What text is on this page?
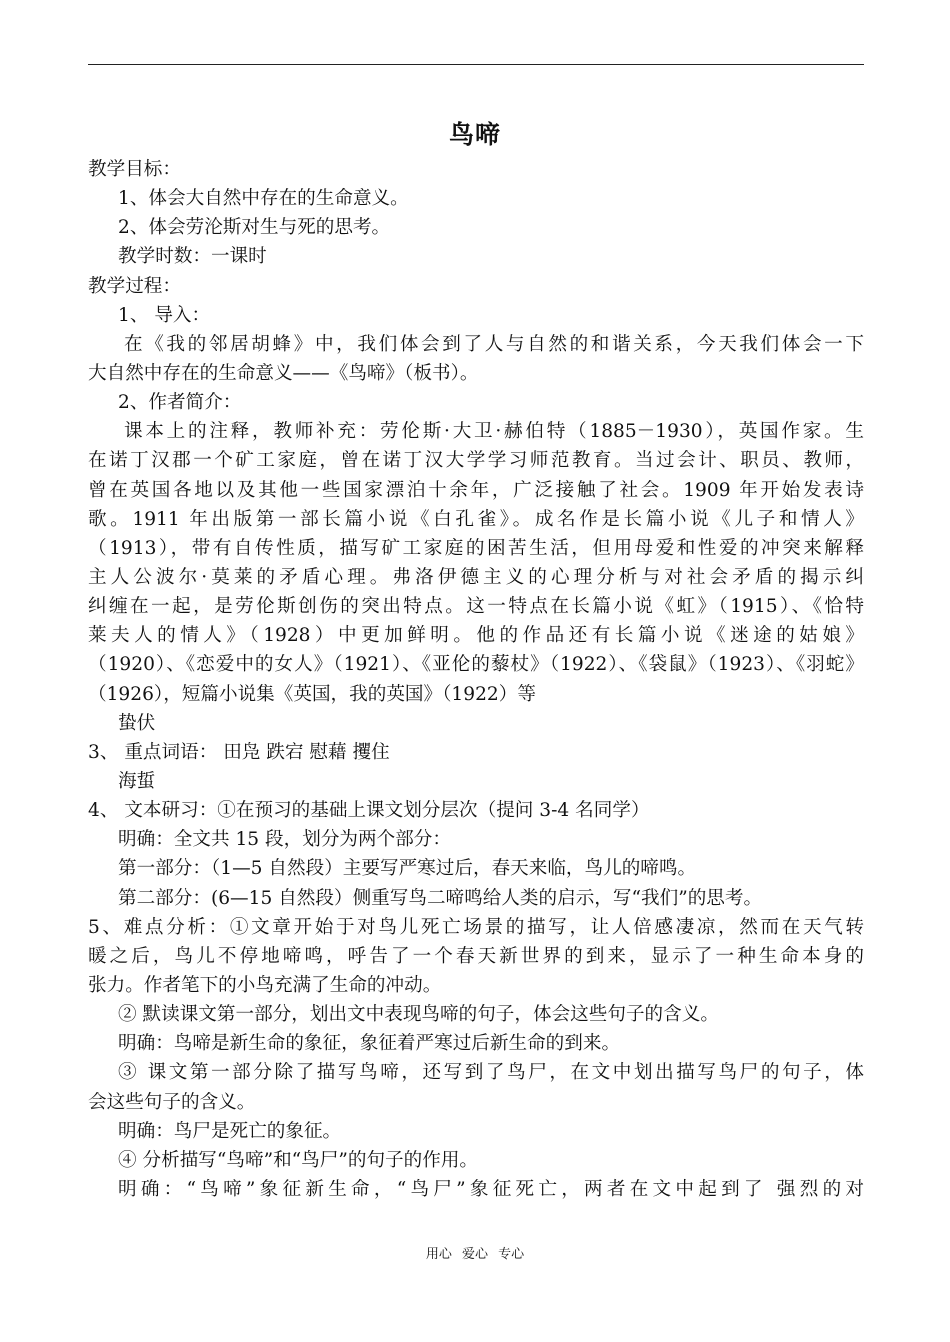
鸟啼
教学目标：
1、体会大自然中存在的生命意义。
2、体会劳沦斯对生与死的思考。
教学时数：一课时
教学过程：
1、 导入：
在《我的邻居胡蜂》中，我们体会到了人与自然的和谐关系，今天我们体会一下
大自然中存在的生命意义——《鸟啼》（板书）。
2、作者简介：
课本上的注释，教师补充：劳伦斯·大卫·赫伯特（1885－1930），英国作家。生
在诺丁汉郡一个矿工家庭，曾在诺丁汉大学学习师范教育。当过会计、职员、教师，
曾在英国各地以及其他一些国家漂泊十余年，广泛接触了社会。1909 年开始发表诗
歌。1911 年出版第一部长篇小说《白孔雀》。成名作是长篇小说《儿子和情人》
（1913），带有自传性质，描写矿工家庭的困苦生活，但用母爱和性爱的冲突来解释
主人公波尔·莫莱的矛盾心理。弗洛伊德主义的心理分析与对社会矛盾的揭示纠
纠缠在一起，是劳伦斯创伤的突出特点。这一特点在长篇小说《虹》（1915）、《恰特
莱夫人的情人》（1928）中更加鲜明。他的作品还有长篇小说《迷途的姑娘》
（1920）、《恋爱中的女人》（1921）、《亚伦的藜杖》（1922）、《袋鼠》（1923）、《羽蛇》
（1926），短篇小说集《英国，我的英国》（1922）等
蛰伏
3、 重点词语： 田凫 跌宕 慰藉 攫住
海蜇
4、 文本研习：①在预习的基础上课文划分层次（提问 3-4 名同学）
明确：全文共 15 段，划分为两个部分：
第一部分：（1—5 自然段）主要写严寒过后，春天来临，鸟儿的啼鸣。
第二部分：(6—15 自然段）侧重写鸟二啼鸣给人类的启示，写“我们”的思考。
5、难点分析：①文章开始于对鸟儿死亡场景的描写，让人倍感凄凉，然而在天气转
暖之后，鸟儿不停地啼鸣，呼告了一个春天新世界的到来，显示了一种生命本身的
张力。作者笔下的小鸟充满了生命的冲动。
② 默读课文第一部分，划出文中表现鸟啼的句子，体会这些句子的含义。
明确：鸟啼是新生命的象征，象征着严寒过后新生命的到来。
③ 课文第一部分除了描写鸟啼，还写到了鸟尸，在文中划出描写鸟尸的句子，体
会这些句子的含义。
明确：鸟尸是死亡的象征。
④ 分析描写“鸟啼”和“鸟尸”的句子的作用。
明确：“鸟啼”象征新生命，“鸟尸”象征死亡，两者在文中起到了 强烈的对
用心 爱心 专心
